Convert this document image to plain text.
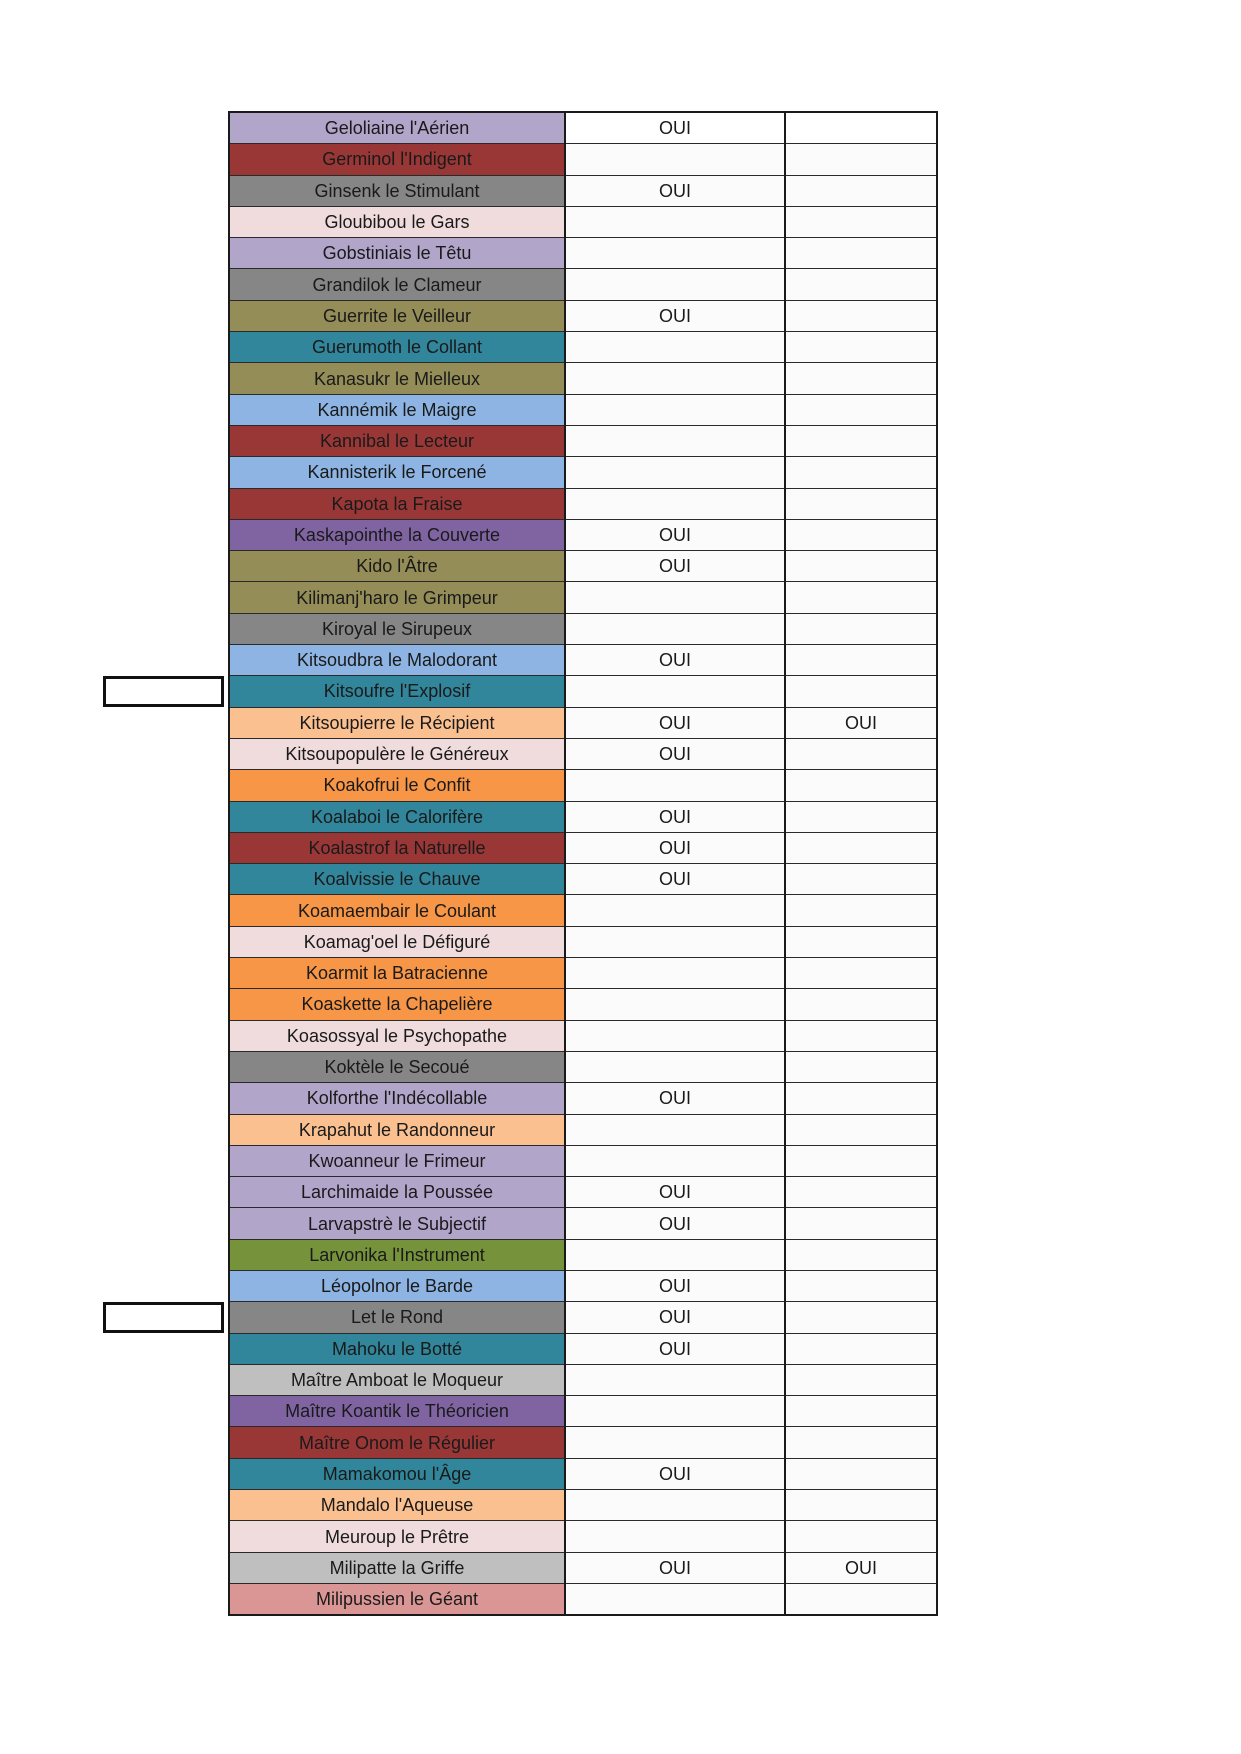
Geloliaine l'Aérien	OUI	
Germinol l'Indigent		
Ginsenk le Stimulant	OUI	
Gloubibou le Gars		
Gobstiniais le Têtu		
Grandilok le Clameur		
Guerrite le Veilleur	OUI	
Guerumoth le Collant		
Kanasukr le Mielleux		
Kannémik le Maigre		
Kannibal le Lecteur		
Kannisterik le Forcené		
Kapota la Fraise		
Kaskapointhe la Couverte	OUI	
Kido l'Âtre	OUI	
Kilimanj'haro le Grimpeur		
Kiroyal le Sirupeux		
Kitsoudbra le Malodorant	OUI	
Kitsoufre l'Explosif		
Kitsoupierre le Récipient	OUI	OUI
Kitsoupopulère le Généreux	OUI	
Koakofrui le Confit		
Koalaboi le Calorifère	OUI	
Koalastrof la Naturelle	OUI	
Koalvissie le Chauve	OUI	
Koamaembair le Coulant		
Koamag'oel le Défiguré		
Koarmit la Batracienne		
Koaskette la Chapelière		
Koasossyal le Psychopathe		
Koktèle le Secoué		
Kolforthe l'Indécollable	OUI	
Krapahut le Randonneur		
Kwoanneur le Frimeur		
Larchimaide la Poussée	OUI	
Larvapstrè le Subjectif	OUI	
Larvonika l'Instrument		
Léopolnor le Barde	OUI	
Let le Rond	OUI	
Mahoku le Botté	OUI	
Maître Amboat le Moqueur		
Maître Koantik le Théoricien		
Maître Onom le Régulier		
Mamakomou l'Âge	OUI	
Mandalo l'Aqueuse		
Meuroup le Prêtre		
Milipatte la Griffe	OUI	OUI
Milipussien le Géant		
